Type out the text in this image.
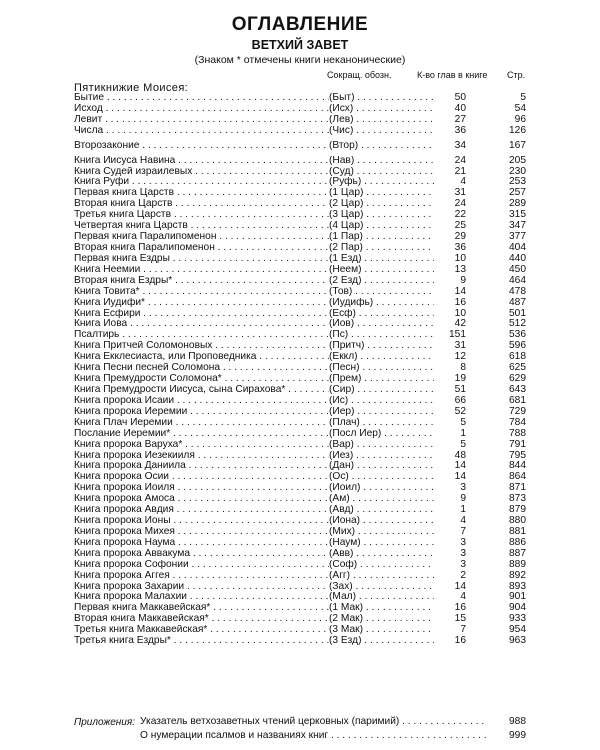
ОГЛАВЛЕНИЕ
ВЕТХИЙ ЗАВЕТ
(Знаком * отмечены книги неканонические)
Сокращ. обозн.	К-во глав в книге Стр.
Пятикнижие Моисея:
Бытие . . .	(Быт) . . .	50	5
Исход . . .	(Исх) . . .	40	54
Левит . . .	(Лев) . . .	27	96
Числа . . .	(Чис) . . .	36	126
Второзаконие . . .	(Втор) . . .	34	167
Книга Иисуса Навина . . .	(Нав) . . .	24	205
Книга Судей израилевых . . .	(Суд) . . .	21	230
Книга Руфи . . .	(Руфь) . . .	4	253
Первая книга Царств . . .	(1 Цар) . . .	31	257
Вторая книга Царств . . .	(2 Цар) . . .	24	289
Третья книга Царств . . .	(3 Цар) . . .	22	315
Четвертая книга Царств . . .	(4 Цар) . . .	25	347
Первая книга Паралипоменон . . .	(1 Пар) . . .	29	377
Вторая книга Паралипоменон . . .	(2 Пар) . . .	36	404
Первая книга Ездры . . .	(1 Езд) . . .	10	440
Книга Неемии . . .	(Неем) . . .	13	450
Вторая книга Ездры* . . .	(2 Езд) . . .	9	464
Книга Товита* . . .	(Тов) . . .	14	478
Книга Иудифи* . . .	(Иудифь) . . .	16	487
Книга Есфири . . .	(Есф) . . .	10	501
Книга Иова . . .	(Иов) . . .	42	512
Псалтирь . . .	(Пс) . . .	151	536
Книга Притчей Соломоновых . . .	(Притч) . . .	31	596
Книга Екклесиаста, или Проповедника . . .	(Еккл) . . .	12	618
Книга Песни песней Соломона . . .	(Песн) . . .	8	625
Книга Премудрости Соломона* . . .	(Прем) . . .	19	629
Книга Премудрости Иисуса, сына Сирахова* . . .	(Сир) . . .	51	643
Книга пророка Исаии . . .	(Ис) . . .	66	681
Книга пророка Иеремии . . .	(Иер) . . .	52	729
Книга Плач Иеремии . . .	(Плач) . . .	5	784
Послание Иеремии* . . .	(Посл Иер) . . .	1	788
Книга пророка Варуха* . . .	(Вар) . . .	5	791
Книга пророка Иезекииля . . .	(Иез) . . .	48	795
Книга пророка Даниила . . .	(Дан) . . .	14	844
Книга пророка Осии . . .	(Ос) . . .	14	864
Книга пророка Иоиля . . .	(Иоил) . . .	3	871
Книга пророка Амоса . . .	(Ам) . . .	9	873
Книга пророка Авдия . . .	(Авд) . . .	1	879
Книга пророка Ионы . . .	(Иона) . . .	4	880
Книга пророка Михея . . .	(Мих) . . .	7	881
Книга пророка Наума . . .	(Наум) . . .	3	886
Книга пророка Аввакума . . .	(Авв) . . .	3	887
Книга пророка Софонии . . .	(Соф) . . .	3	889
Книга пророка Аггея . . .	(Агг) . . .	2	892
Книга пророка Захарии . . .	(Зах) . . .	14	893
Книга пророка Малахии . . .	(Мал) . . .	4	901
Первая книга Маккавейская* . . .	(1 Мак) . . .	16	904
Вторая книга Маккавейская* . . .	(2 Мак) . . .	15	933
Третья книга Маккавейская* . . .	(3 Мак) . . .	7	954
Третья книга Ездры* . . .	(3 Езд) . . .	16	963
Приложения: Указатель ветхозаветных чтений церковных (паримий) . . .	988
О нумерации псалмов и названиях книг . . .	999
